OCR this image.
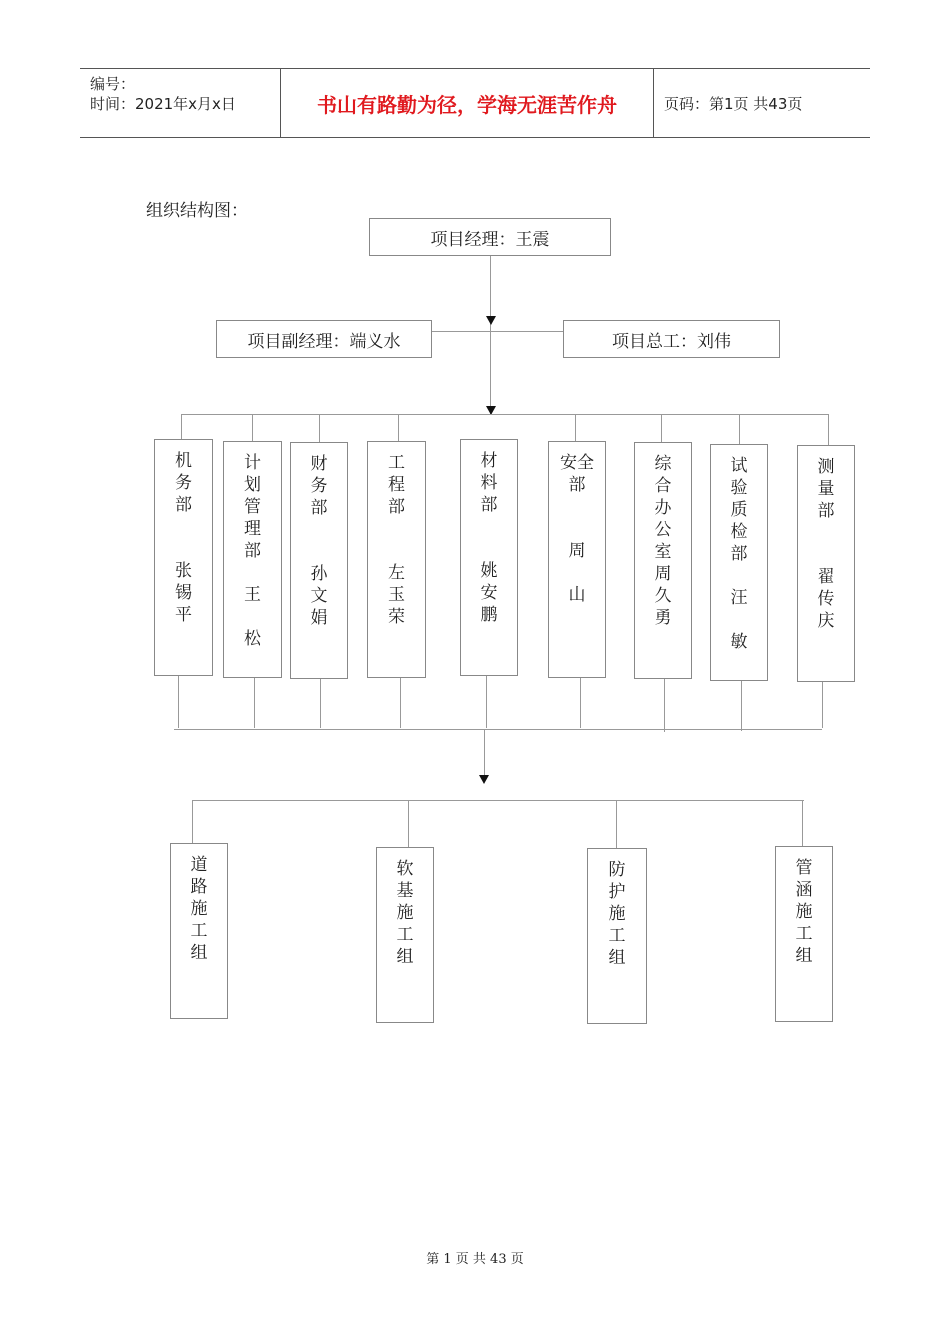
编号：
时间：2021年x月x日	书山有路勤为径，学海无涯苦作舟	页码：第1页 共43页
组织结构图：
项目经理：王震
项目副经理：端义水	项目总工：刘伟
机
务
部

张
锡
平
计
划
管
理
部

王

松
财
务
部

孙
文
娟
工
程
部

左
玉
荣
材
料
部

姚
安
鹏
安全
部

周

山
综
合
办
公
室
周
久
勇
试
验
质
检
部

汪

敏
测
量
部

翟
传
庆
道
路
施
工
组
软
基
施
工
组
防
护
施
工
组
管
涵
施
工
组
第 1 页 共 43 页
